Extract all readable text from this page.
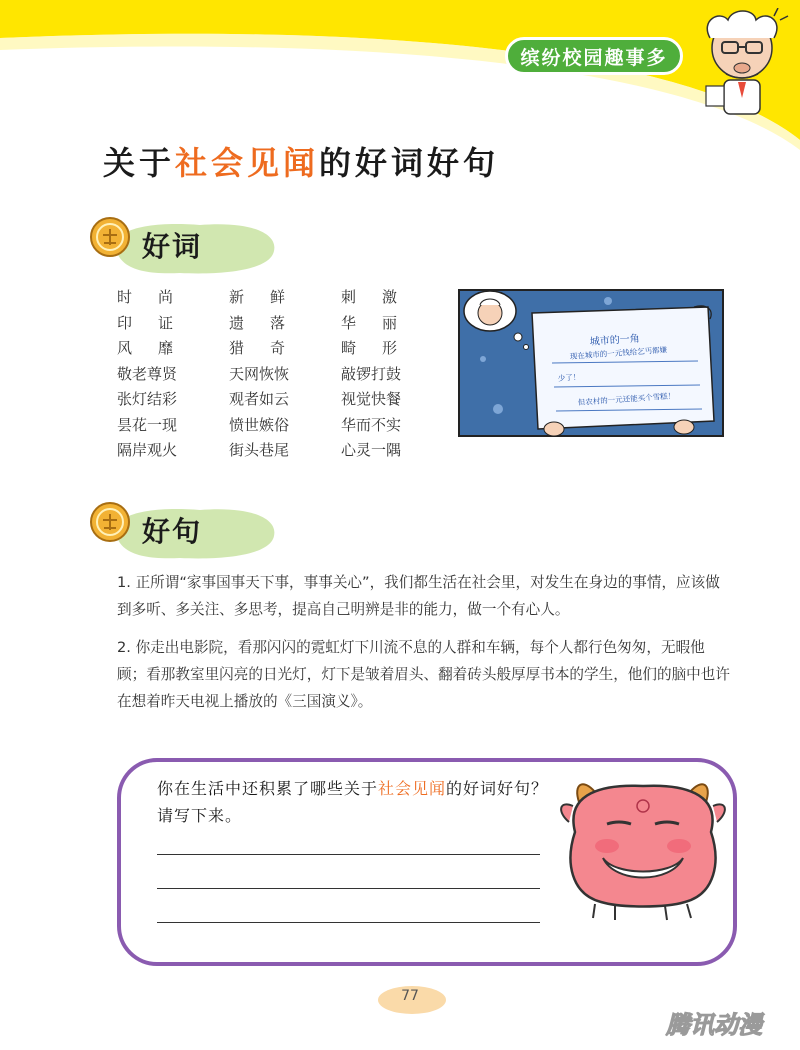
缤纷校园趣事多
关于社会见闻的好词好句
好词
时尚	新鲜	刺激
印证	遗落	华丽
风靡	猎奇	畸形
敬老尊贤	天网恢恢	敲锣打鼓
张灯结彩	观者如云	视觉快餐
昙花一现	愤世嫉俗	华而不实
隔岸观火	街头巷尾	心灵一隅
城市的一角
现在城市的一元钱给乞丐都嫌
少了！
但农村的一元还能买个雪糕！
好句
1. 正所谓“家事国事天下事，事事关心”，我们都生活在社会里，对发生在身边的事情，应该做到多听、多关注、多思考，提高自己明辨是非的能力，做一个有心人。
2. 你走出电影院，看那闪闪的霓虹灯下川流不息的人群和车辆，每个人都行色匆匆，无暇他顾；看那教室里闪亮的日光灯，灯下是皱着眉头、翻着砖头般厚厚书本的学生，他们的脑中也许在想着昨天电视上播放的《三国演义》。
你在生活中还积累了哪些关于社会见闻的好词好句？请写下来。
77
腾讯动漫
